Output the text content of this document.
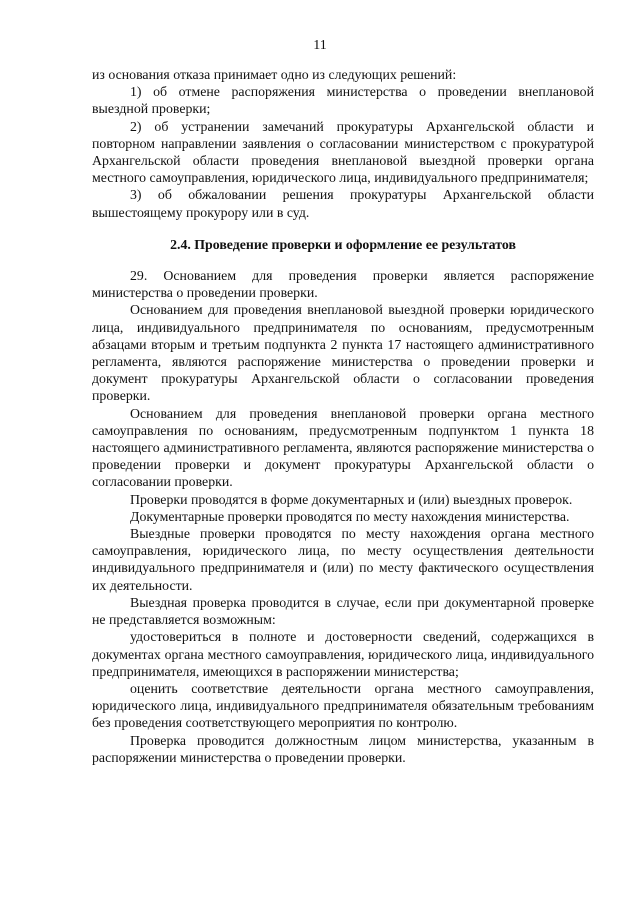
11

из основания отказа принимает одно из следующих решений:

1) об отмене распоряжения министерства о проведении внеплановой выездной проверки;

2) об устранении замечаний прокуратуры Архангельской области и повторном направлении заявления о согласовании министерством с прокуратурой Архангельской области проведения внеплановой выездной проверки органа местного самоуправления, юридического лица, индивидуального предпринимателя;

3) об обжаловании решения прокуратуры Архангельской области вышестоящему прокурору или в суд.

2.4. Проведение проверки и оформление ее результатов

29. Основанием для проведения проверки является распоряжение министерства о проведении проверки.

Основанием для проведения внеплановой выездной проверки юридического лица, индивидуального предпринимателя по основаниям, предусмотренным абзацами вторым и третьим подпункта 2 пункта 17 настоящего административного регламента, являются распоряжение министерства о проведении проверки и документ прокуратуры Архангельской области о согласовании проведения проверки.

Основанием для проведения внеплановой проверки органа местного самоуправления по основаниям, предусмотренным подпунктом 1 пункта 18 настоящего административного регламента, являются распоряжение министерства о проведении проверки и документ прокуратуры Архангельской области о согласовании проверки.

Проверки проводятся в форме документарных и (или) выездных проверок.

Документарные проверки проводятся по месту нахождения министерства.

Выездные проверки проводятся по месту нахождения органа местного самоуправления, юридического лица, по месту осуществления деятельности индивидуального предпринимателя и (или) по месту фактического осуществления их деятельности.

Выездная проверка проводится в случае, если при документарной проверке не представляется возможным:

удостовериться в полноте и достоверности сведений, содержащихся в документах органа местного самоуправления, юридического лица, индивидуального предпринимателя, имеющихся в распоряжении министерства;

оценить соответствие деятельности органа местного самоуправления, юридического лица, индивидуального предпринимателя обязательным требованиям без проведения соответствующего мероприятия по контролю.

Проверка проводится должностным лицом министерства, указанным в распоряжении министерства о проведении проверки.
